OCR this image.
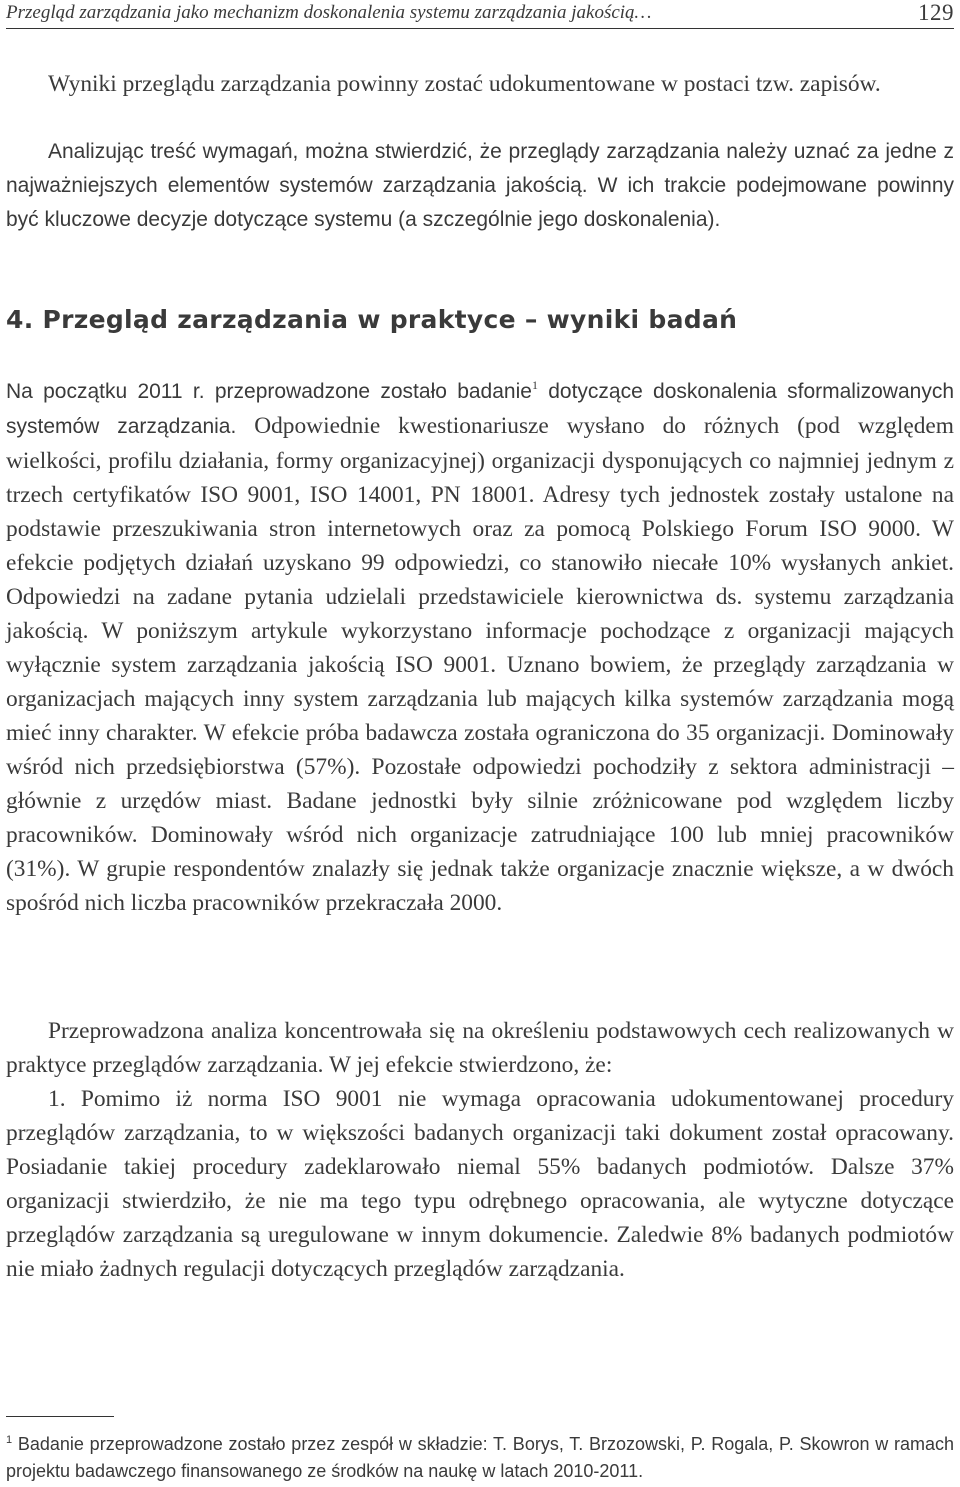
Przegląd zarządzania jako mechanizm doskonalenia systemu zarządzania jakością…	129
Wyniki przeglądu zarządzania powinny zostać udokumentowane w postaci tzw. zapisów.
Analizując treść wymagań, można stwierdzić, że przeglądy zarządzania należy uznać za jedne z najważniejszych elementów systemów zarządzania jakością. W ich trakcie podejmowane powinny być kluczowe decyzje dotyczące systemu (a szczególnie jego doskonalenia).
4. Przegląd zarządzania w praktyce – wyniki badań
Na początku 2011 r. przeprowadzone zostało badanie$^1$ dotyczące doskonalenia sformalizowanych systemów zarządzania. Odpowiednie kwestionariusze wysłano do różnych (pod względem wielkości, profilu działania, formy organizacyjnej) organizacji dysponujących co najmniej jednym z trzech certyfikatów ISO 9001, ISO 14001, PN 18001. Adresy tych jednostek zostały ustalone na podstawie przeszukiwania stron internetowych oraz za pomocą Polskiego Forum ISO 9000. W efekcie podjętych działań uzyskano 99 odpowiedzi, co stanowiło niecałe 10% wysłanych ankiet. Odpowiedzi na zadane pytania udzielali przedstawiciele kierownictwa ds. systemu zarządzania jakością. W poniższym artykule wykorzystano informacje pochodzące z organizacji mających wyłącznie system zarządzania jakością ISO 9001. Uznano bowiem, że przeglądy zarządzania w organizacjach mających inny system zarządzania lub mających kilka systemów zarządzania mogą mieć inny charakter. W efekcie próba badawcza została ograniczona do 35 organizacji. Dominowały wśród nich przedsiębiorstwa (57%). Pozostałe odpowiedzi pochodziły z sektora administracji – głównie z urzędów miast. Badane jednostki były silnie zróżnicowane pod względem liczby pracowników. Dominowały wśród nich organizacje zatrudniające 100 lub mniej pracowników (31%). W grupie respondentów znalazły się jednak także organizacje znacznie większe, a w dwóch spośród nich liczba pracowników przekraczała 2000.
Przeprowadzona analiza koncentrowała się na określeniu podstawowych cech realizowanych w praktyce przeglądów zarządzania. W jej efekcie stwierdzono, że:
1. Pomimo iż norma ISO 9001 nie wymaga opracowania udokumentowanej procedury przeglądów zarządzania, to w większości badanych organizacji taki dokument został opracowany. Posiadanie takiej procedury zadeklarowało niemal 55% badanych podmiotów. Dalsze 37% organizacji stwierdziło, że nie ma tego typu odrębnego opracowania, ale wytyczne dotyczące przeglądów zarządzania są uregulowane w innym dokumencie. Zaledwie 8% badanych podmiotów nie miało żadnych regulacji dotyczących przeglądów zarządzania.
$^1$ Badanie przeprowadzone zostało przez zespół w składzie: T. Borys, T. Brzozowski, P. Rogala, P. Skowron w ramach projektu badawczego finansowanego ze środków na naukę w latach 2010-2011.
